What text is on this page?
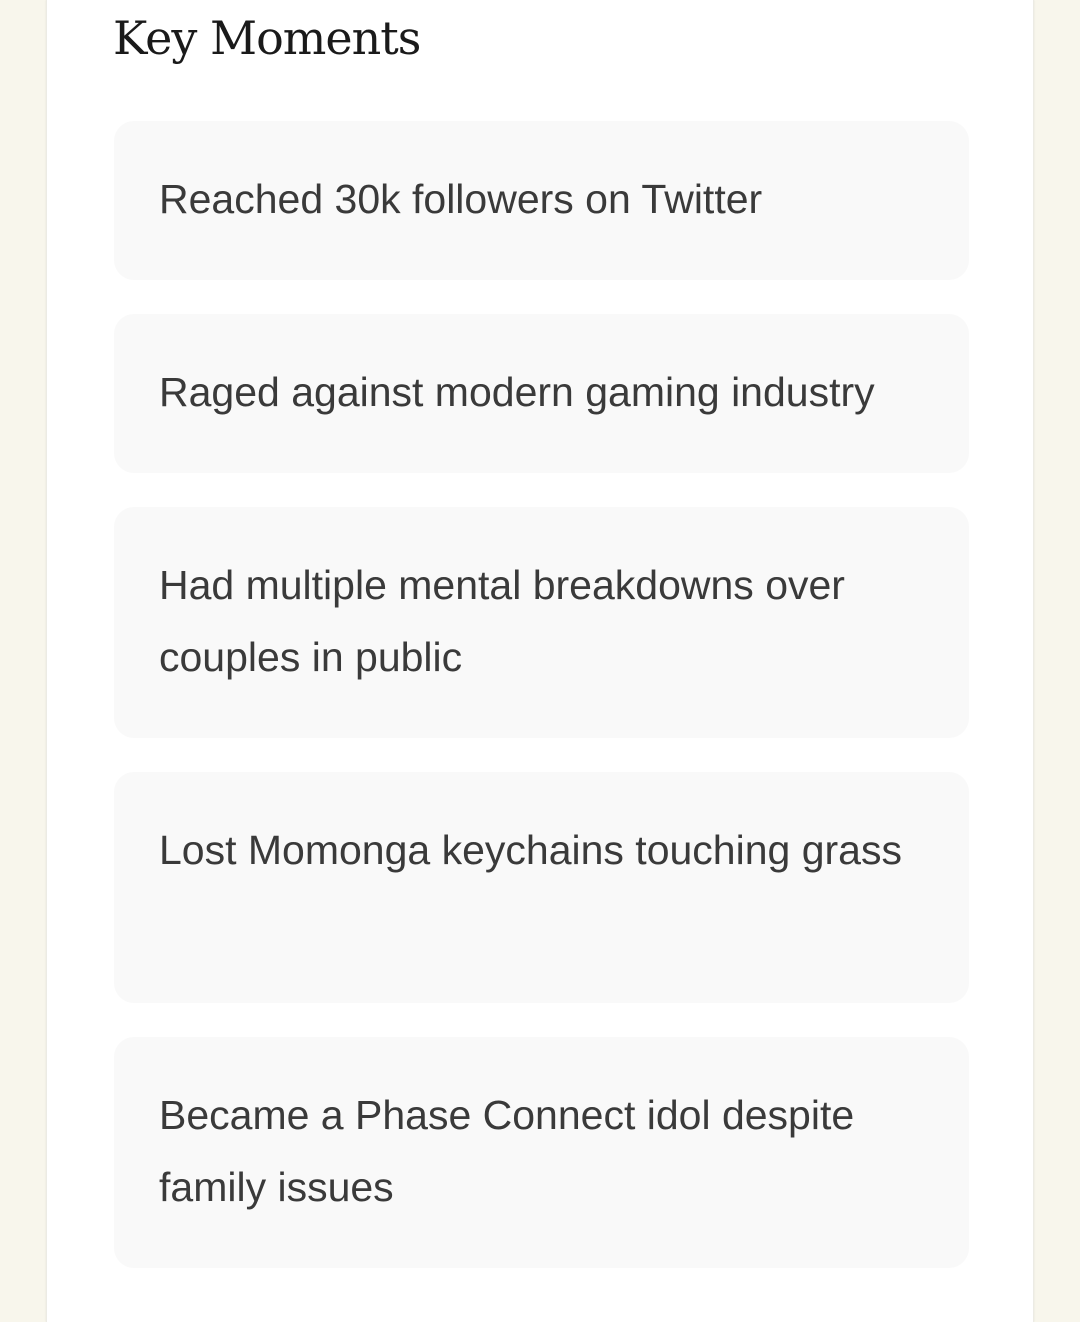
Key Moments
Reached 30k followers on Twitter
Raged against modern gaming industry
Had multiple mental breakdowns over couples in public
Lost Momonga keychains touching grass
Became a Phase Connect idol despite family issues
